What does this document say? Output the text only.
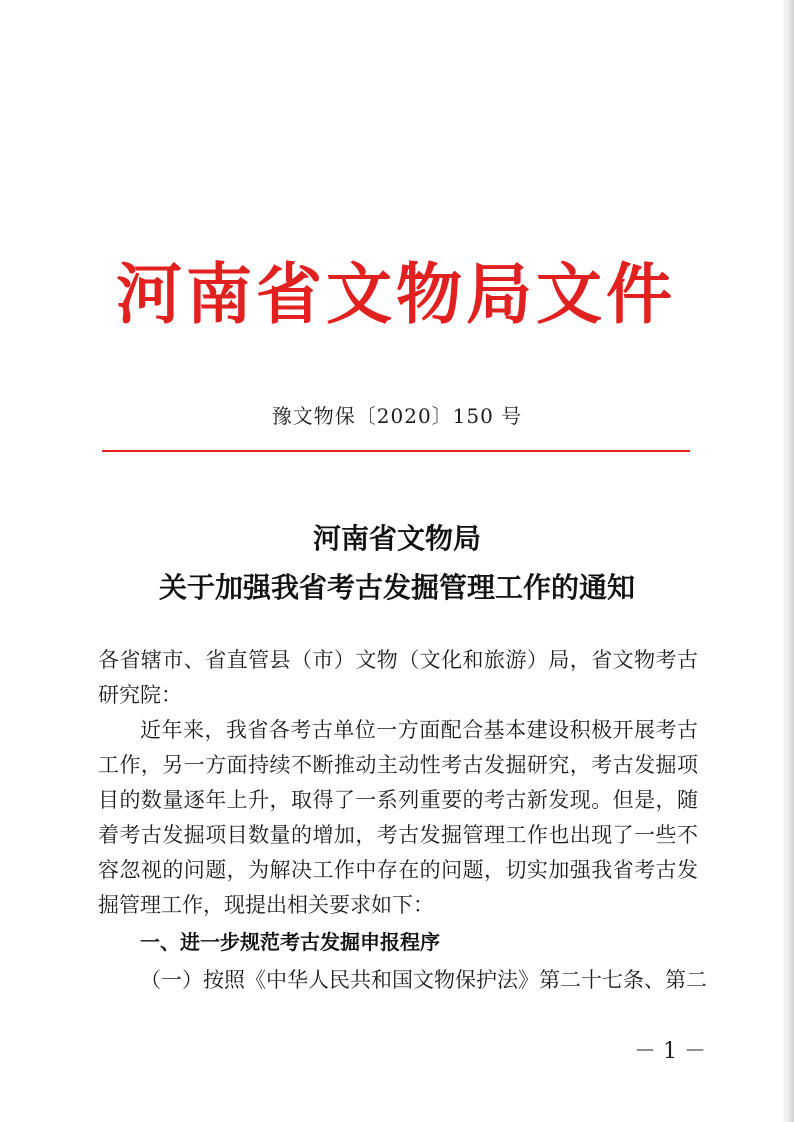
河南省文物局文件
豫文物保〔2020〕150 号
河南省文物局
关于加强我省考古发掘管理工作的通知
各省辖市、省直管县（市）文物（文化和旅游）局，省文物考古研究院：
近年来，我省各考古单位一方面配合基本建设积极开展考古工作，另一方面持续不断推动主动性考古发掘研究，考古发掘项目的数量逐年上升，取得了一系列重要的考古新发现。但是，随着考古发掘项目数量的增加，考古发掘管理工作也出现了一些不容忽视的问题，为解决工作中存在的问题，切实加强我省考古发掘管理工作，现提出相关要求如下：
一、进一步规范考古发掘申报程序
（一）按照《中华人民共和国文物保护法》第二十七条、第二
－ 1 －
